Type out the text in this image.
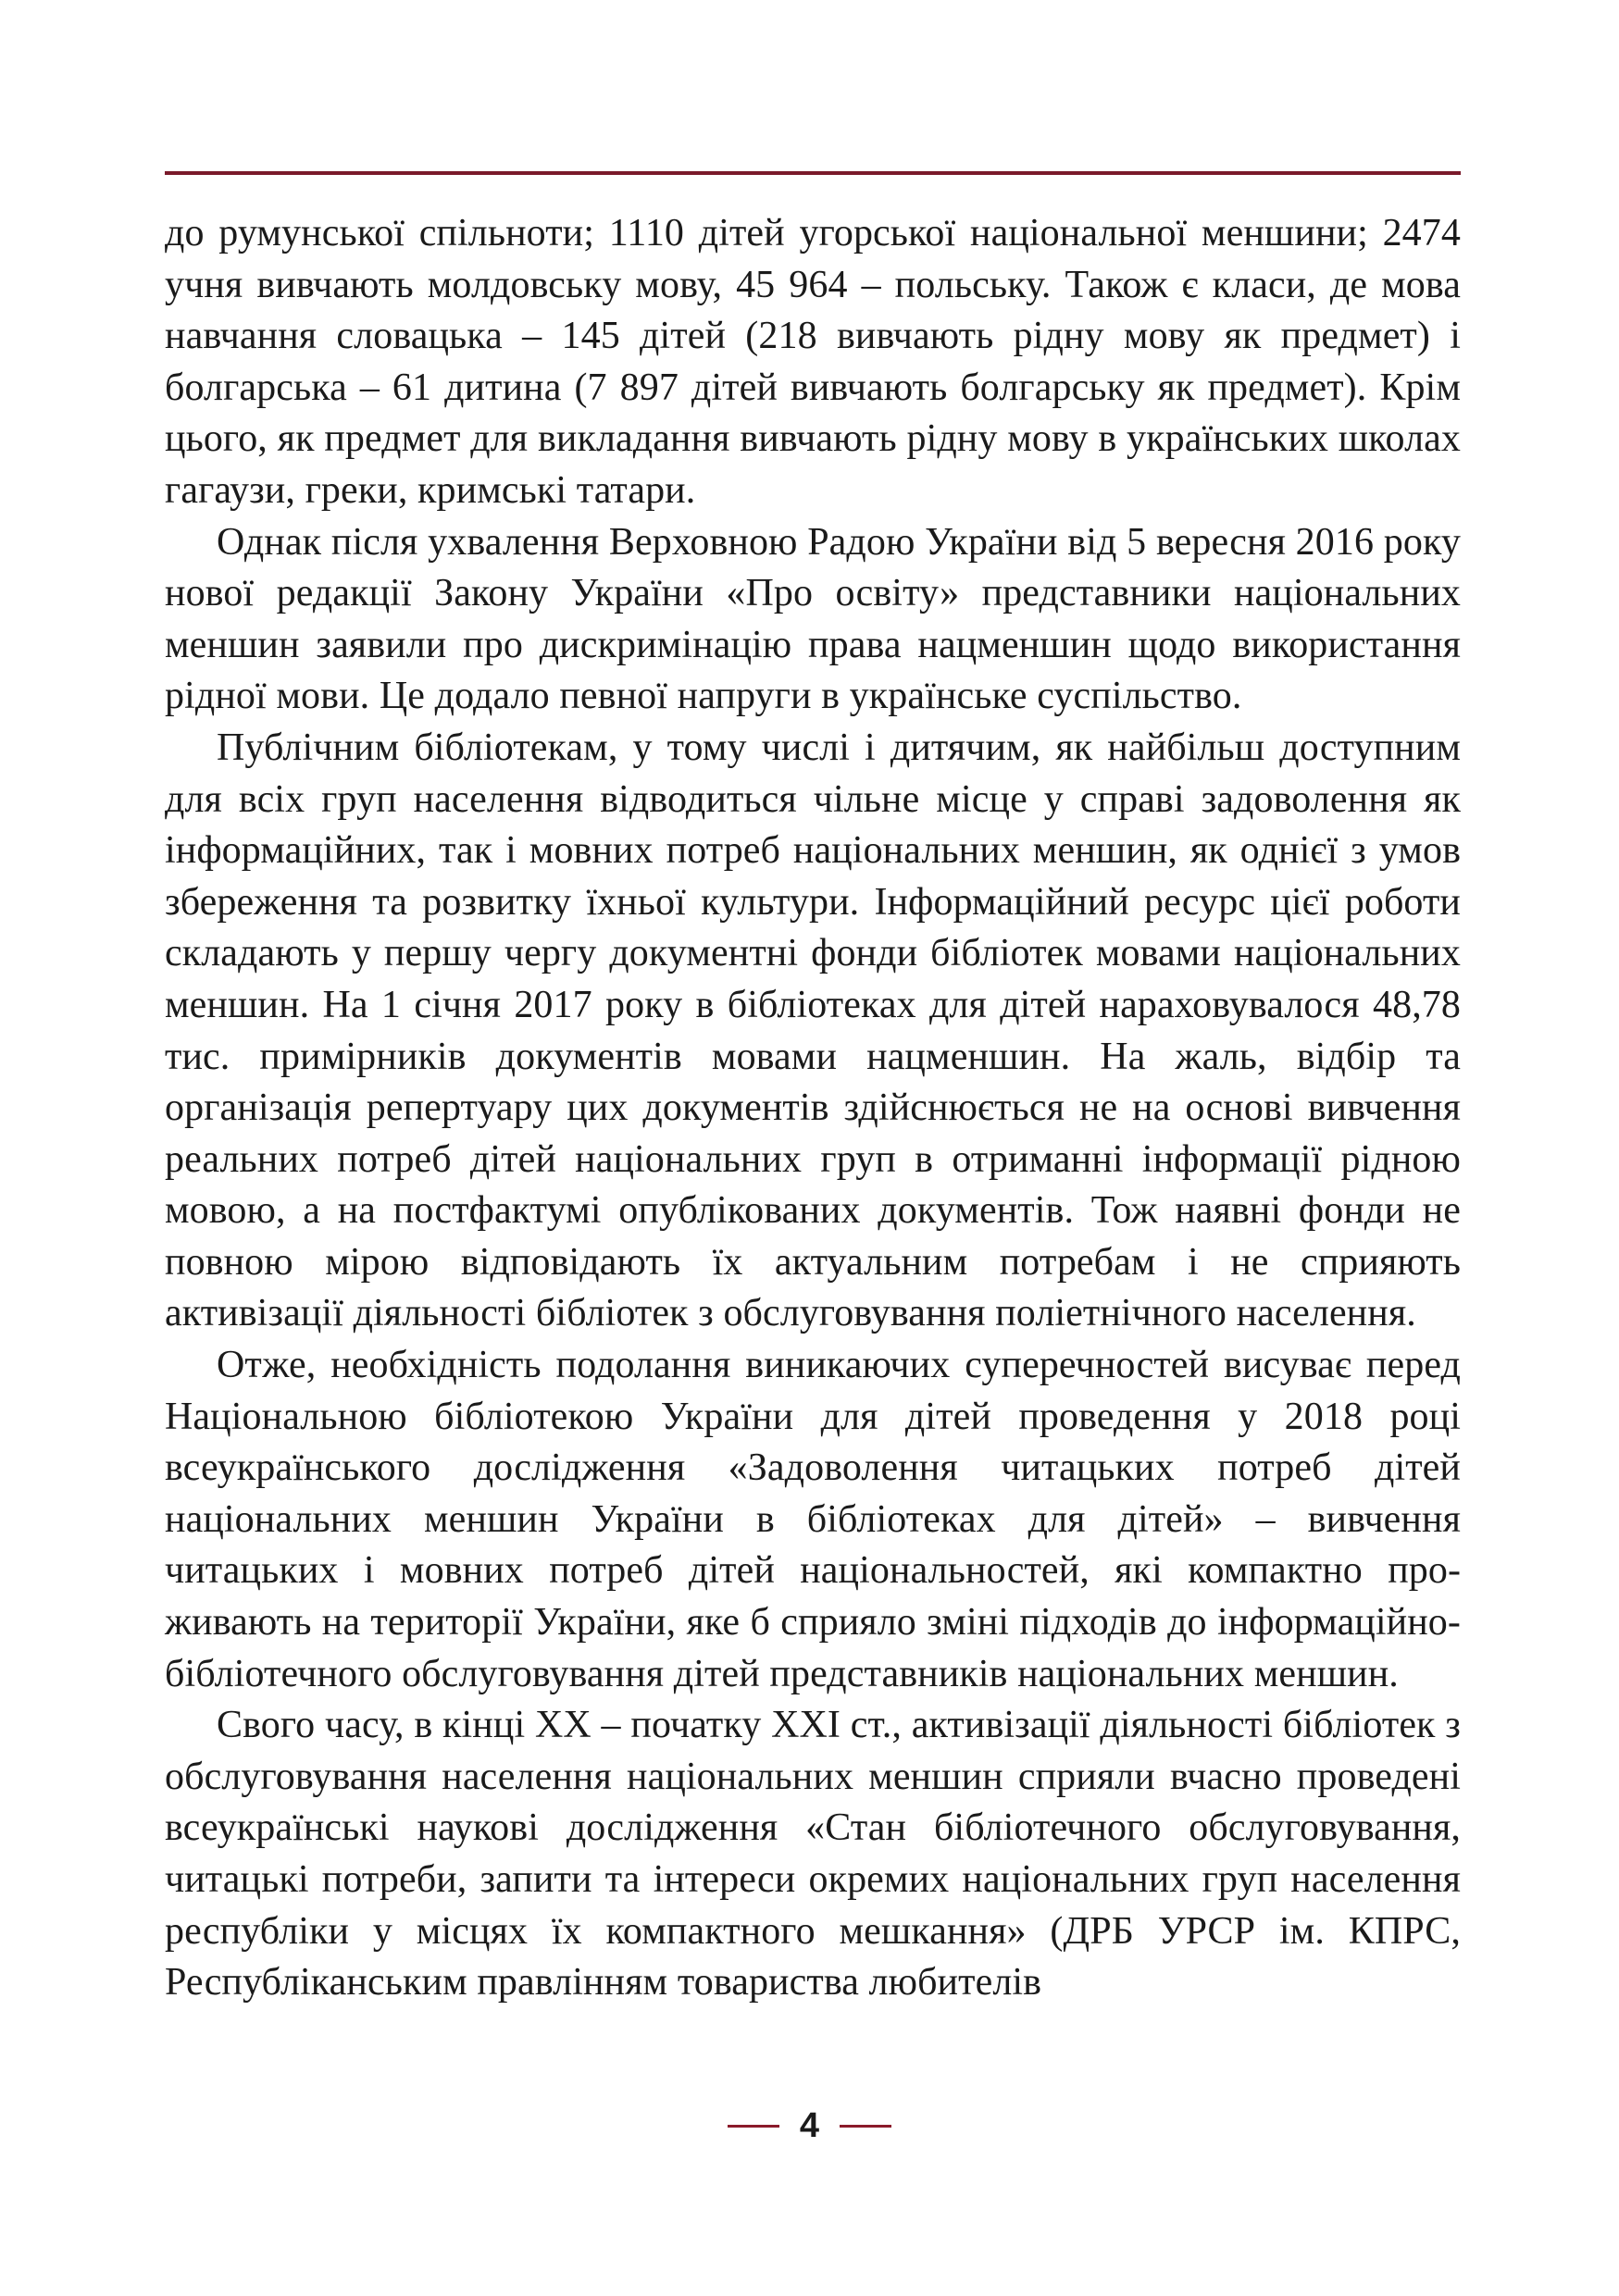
до румунської спільноти; 1110 дітей угорської національної меншини; 2474 учня вивчають молдовську мову, 45 964 – польську. Також є класи, де мова навчання словацька – 145 дітей (218 вивчають рідну мову як предмет) і болгарська – 61 дитина (7 897 дітей вивчають болгарську як предмет). Крім цього, як предмет для викладання вивчають рідну мову в українських школах гагаузи, греки, кримські татари.

Однак після ухвалення Верховною Радою України від 5 вересня 2016 року нової редакції Закону України «Про освіту» представники національних меншин заявили про дискримінацію права нацменшин щодо використання рідної мови. Це додало певної напруги в українське суспільство.

Публічним бібліотекам, у тому числі і дитячим, як найбільш доступним для всіх груп населення відводиться чільне місце у справі задоволення як інформаційних, так і мовних потреб національних меншин, як однієї з умов збереження та розвитку їхньої культури. Інформаційний ресурс цієї роботи складають у першу чергу документні фонди бібліотек мовами національних меншин. На 1 січня 2017 року в бібліотеках для дітей нараховувалося 48,78 тис. примірників документів мовами нацменшин. На жаль, відбір та організація репертуару цих документів здійснюється не на основі вивчення реальних потреб дітей національних груп в отриманні інформації рідною мовою, а на постфактумі опублікованих документів. Тож наявні фонди не повною мірою відповідають їх актуальним потребам і не сприяють активізації діяльності бібліотек з обслуговування поліетнічного населення.

Отже, необхідність подолання виникаючих суперечностей висуває перед Національною бібліотекою України для дітей проведення у 2018 році всеукраїнського дослідження «Задоволення читацьких потреб дітей національних меншин України в бібліотеках для дітей» – вивчення читацьких і мовних потреб дітей національностей, які компактно проживають на території України, яке б сприяло зміні підходів до інформаційно-бібліотечного обслуговування дітей представників національних меншин.

Свого часу, в кінці XX – початку XXI ст., активізації діяльності бібліотек з обслуговування населення національних меншин сприяли вчасно проведені всеукраїнські наукові дослідження «Стан бібліотечного обслуговування, читацькі потреби, запити та інтереси окремих національних груп населення республіки у місцях їх компактного мешкання» (ДРБ УРСР ім. КПРС, Республіканським правлінням товариства любителів

4
